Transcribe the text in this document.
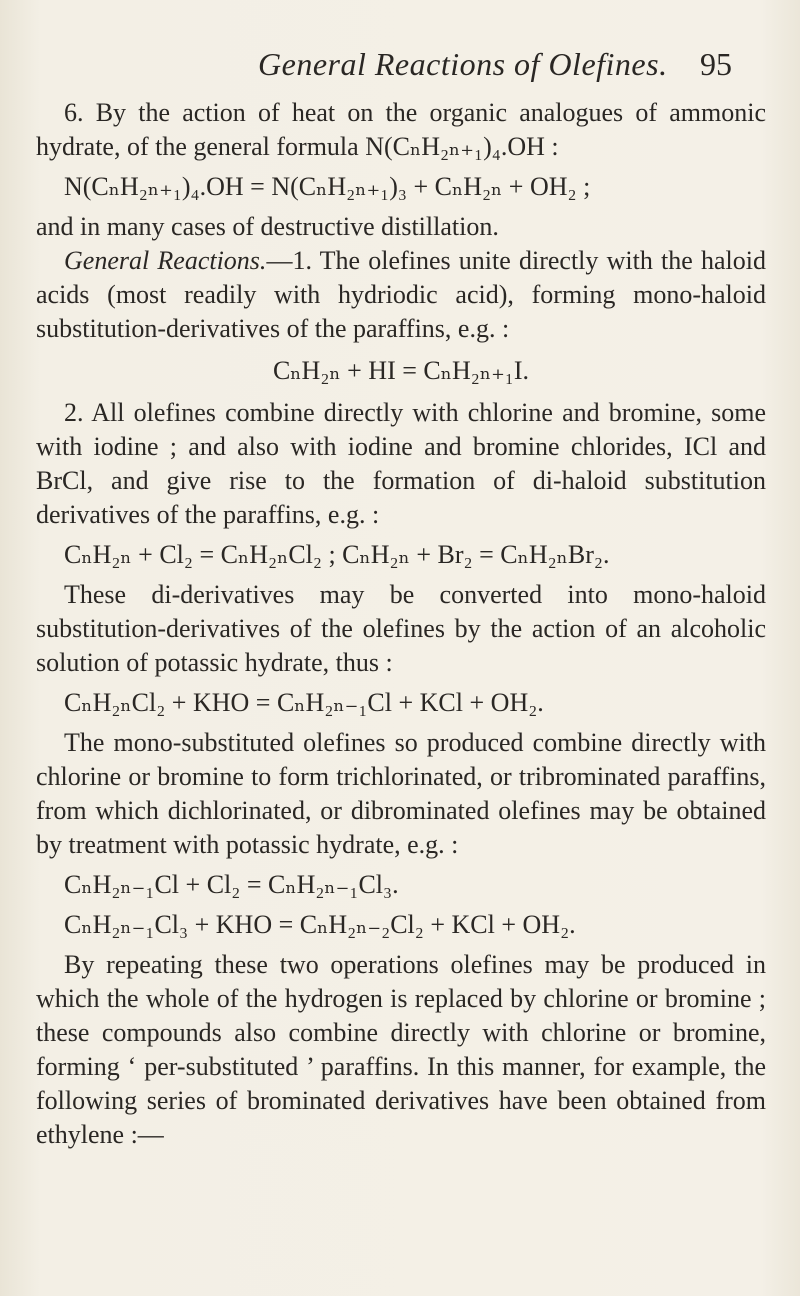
General Reactions of Olefines. 95

6. By the action of heat on the organic analogues of ammonic hydrate, of the general formula N(CₙH₂ₙ₊₁)₄.OH :

N(CₙH₂ₙ₊₁)₄.OH = N(CₙH₂ₙ₊₁)₃ + CₙH₂ₙ + OH₂ ;

and in many cases of destructive distillation.

General Reactions.—1. The olefines unite directly with the haloid acids (most readily with hydriodic acid), forming mono-haloid substitution-derivatives of the paraffins, e.g. :

CₙH₂ₙ + HI = CₙH₂ₙ₊₁I.

2. All olefines combine directly with chlorine and bromine, some with iodine ; and also with iodine and bromine chlorides, ICl and BrCl, and give rise to the formation of di-haloid substitution derivatives of the paraffins, e.g. :

CₙH₂ₙ + Cl₂ = CₙH₂ₙCl₂ ; CₙH₂ₙ + Br₂ = CₙH₂ₙBr₂.

These di-derivatives may be converted into mono-haloid substitution-derivatives of the olefines by the action of an alcoholic solution of potassic hydrate, thus :

CₙH₂ₙCl₂ + KHO = CₙH₂ₙ₋₁Cl + KCl + OH₂.

The mono-substituted olefines so produced combine directly with chlorine or bromine to form trichlorinated, or tribrominated paraffins, from which dichlorinated, or dibrominated olefines may be obtained by treatment with potassic hydrate, e.g. :

CₙH₂ₙ₋₁Cl + Cl₂ = CₙH₂ₙ₋₁Cl₃.
CₙH₂ₙ₋₁Cl₃ + KHO = CₙH₂ₙ₋₂Cl₂ + KCl + OH₂.

By repeating these two operations olefines may be produced in which the whole of the hydrogen is replaced by chlorine or bromine ; these compounds also combine directly with chlorine or bromine, forming ‘ per-substituted ’ paraffins. In this manner, for example, the following series of brominated derivatives have been obtained from ethylene :—
